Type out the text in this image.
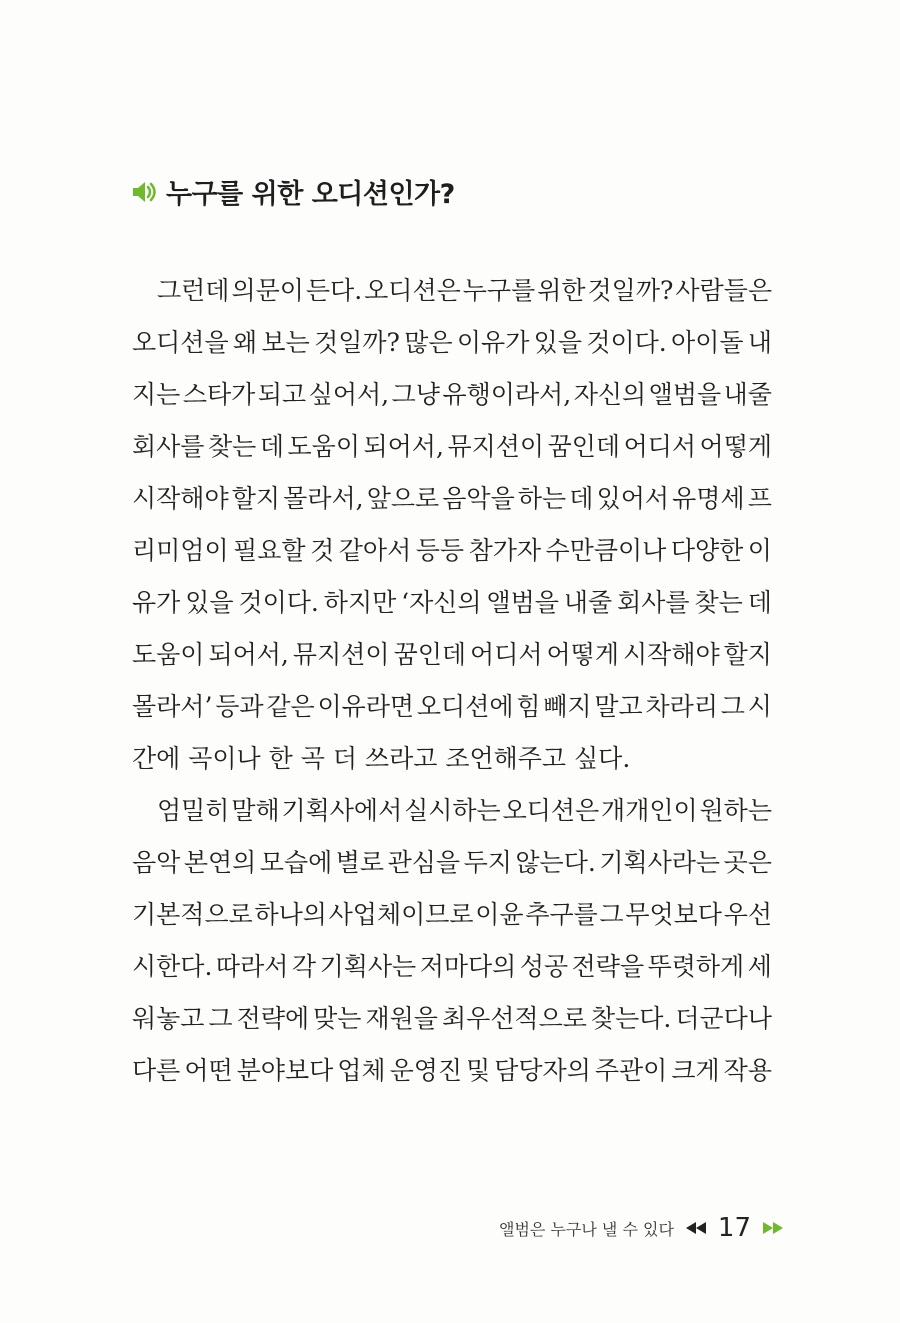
누구를 위한 오디션인가?
그런데 의문이 든다. 오디션은 누구를 위한 것일까? 사람들은
오디션을 왜 보는 것일까? 많은 이유가 있을 것이다. 아이돌 내
지는 스타가 되고 싶어서, 그냥 유행이라서, 자신의 앨범을 내줄
회사를 찾는 데 도움이 되어서, 뮤지션이 꿈인데 어디서 어떻게
시작해야 할지 몰라서, 앞으로 음악을 하는 데 있어서 유명세 프
리미엄이 필요할 것 같아서 등등 참가자 수만큼이나 다양한 이
유가 있을 것이다. 하지만 ‘자신의 앨범을 내줄 회사를 찾는 데
도움이 되어서, 뮤지션이 꿈인데 어디서 어떻게 시작해야 할지
몰라서’ 등과 같은 이유라면 오디션에 힘 빼지 말고 차라리 그 시
간에 곡이나 한 곡 더 쓰라고 조언해주고 싶다.
엄밀히 말해 기획사에서 실시하는 오디션은 개개인이 원하는
음악 본연의 모습에 별로 관심을 두지 않는다. 기획사라는 곳은
기본적으로 하나의 사업체이므로 이윤 추구를 그 무엇보다 우선
시한다. 따라서 각 기획사는 저마다의 성공 전략을 뚜렷하게 세
워놓고 그 전략에 맞는 재원을 최우선적으로 찾는다. 더군다나
다른 어떤 분야보다 업체 운영진 및 담당자의 주관이 크게 작용
앨범은 누구나 낼 수 있다 17
